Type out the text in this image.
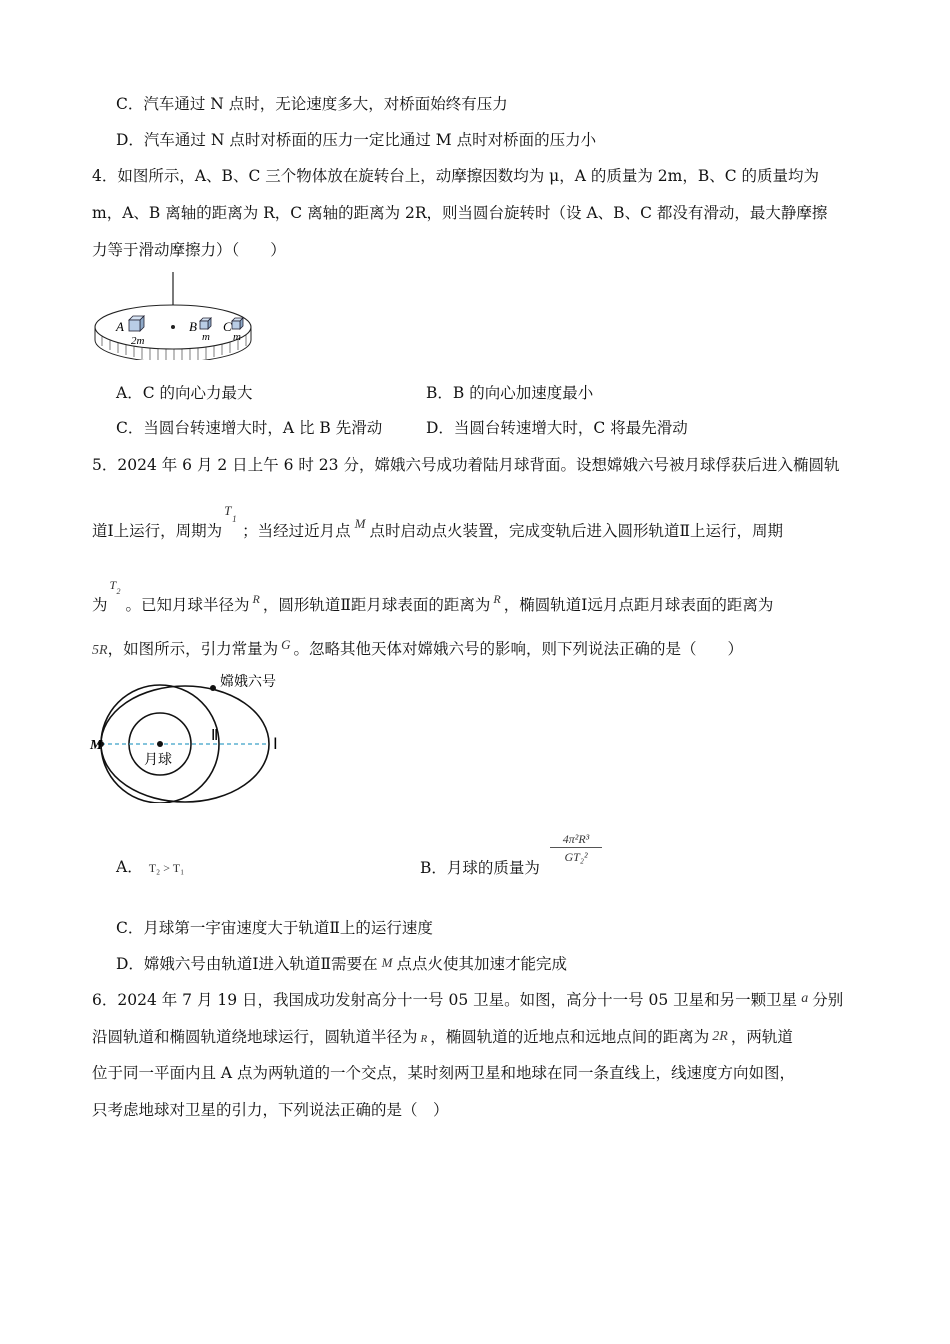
C．汽车通过 N 点时，无论速度多大，对桥面始终有压力
D．汽车通过 N 点时对桥面的压力一定比通过 M 点时对桥面的压力小
4．如图所示，A、B、C 三个物体放在旋转台上，动摩擦因数均为 μ，A 的质量为 2m，B、C 的质量均为
m，A、B 离轴的距离为 R，C 离轴的距离为 2R，则当圆台旋转时（设 A、B、C 都没有滑动，最大静摩擦
力等于滑动摩擦力）（　　）
A	B C
2m	m m
A．C 的向心力最大	B．B 的向心加速度最小
C．当圆台转速增大时，A 比 B 先滑动	D．当圆台转速增大时，C 将最先滑动
5．2024 年 6 月 2 日上午 6 时 23 分，嫦娥六号成功着陆月球背面。设想嫦娥六号被月球俘获后进入椭圆轨
道Ⅰ上运行，周期为
T
1
；当经过近月点 $^M$ 点时启动点火装置，完成变轨后进入圆形轨道Ⅱ上运行，周期
为
T 2
。已知月球半径为 $^R$ ，圆形轨道Ⅱ距月球表面的距离为 $^R$ ，椭圆轨道Ⅰ远月点距月球表面的距离为
5R，如图所示，引力常量为 $^G$ 。忽略其他天体对嫦娥六号的影响，则下列说法正确的是（　　）
嫦娥六号
月球
M
Ⅱ	Ⅰ
A． T₂ > T₁	B．月球的质量为
$\frac{\text{4π²R³}}{\text{GT₂²}}$
C．月球第一宇宙速度大于轨道Ⅱ上的运行速度
D．嫦娥六号由轨道Ⅰ进入轨道Ⅱ需要在 M 点点火使其加速才能完成
6．2024 年 7 月 19 日，我国成功发射高分十一号 05 卫星。如图，高分十一号 05 卫星和另一颗卫星 a 分别
沿圆轨道和椭圆轨道绕地球运行，圆轨道半径为 R ，椭圆轨道的近地点和远地点间的距离为 2R ，两轨道
位于同一平面内且 A 点为两轨道的一个交点，某时刻两卫星和地球在同一条直线上，线速度方向如图，
只考虑地球对卫星的引力，下列说法正确的是（　）
